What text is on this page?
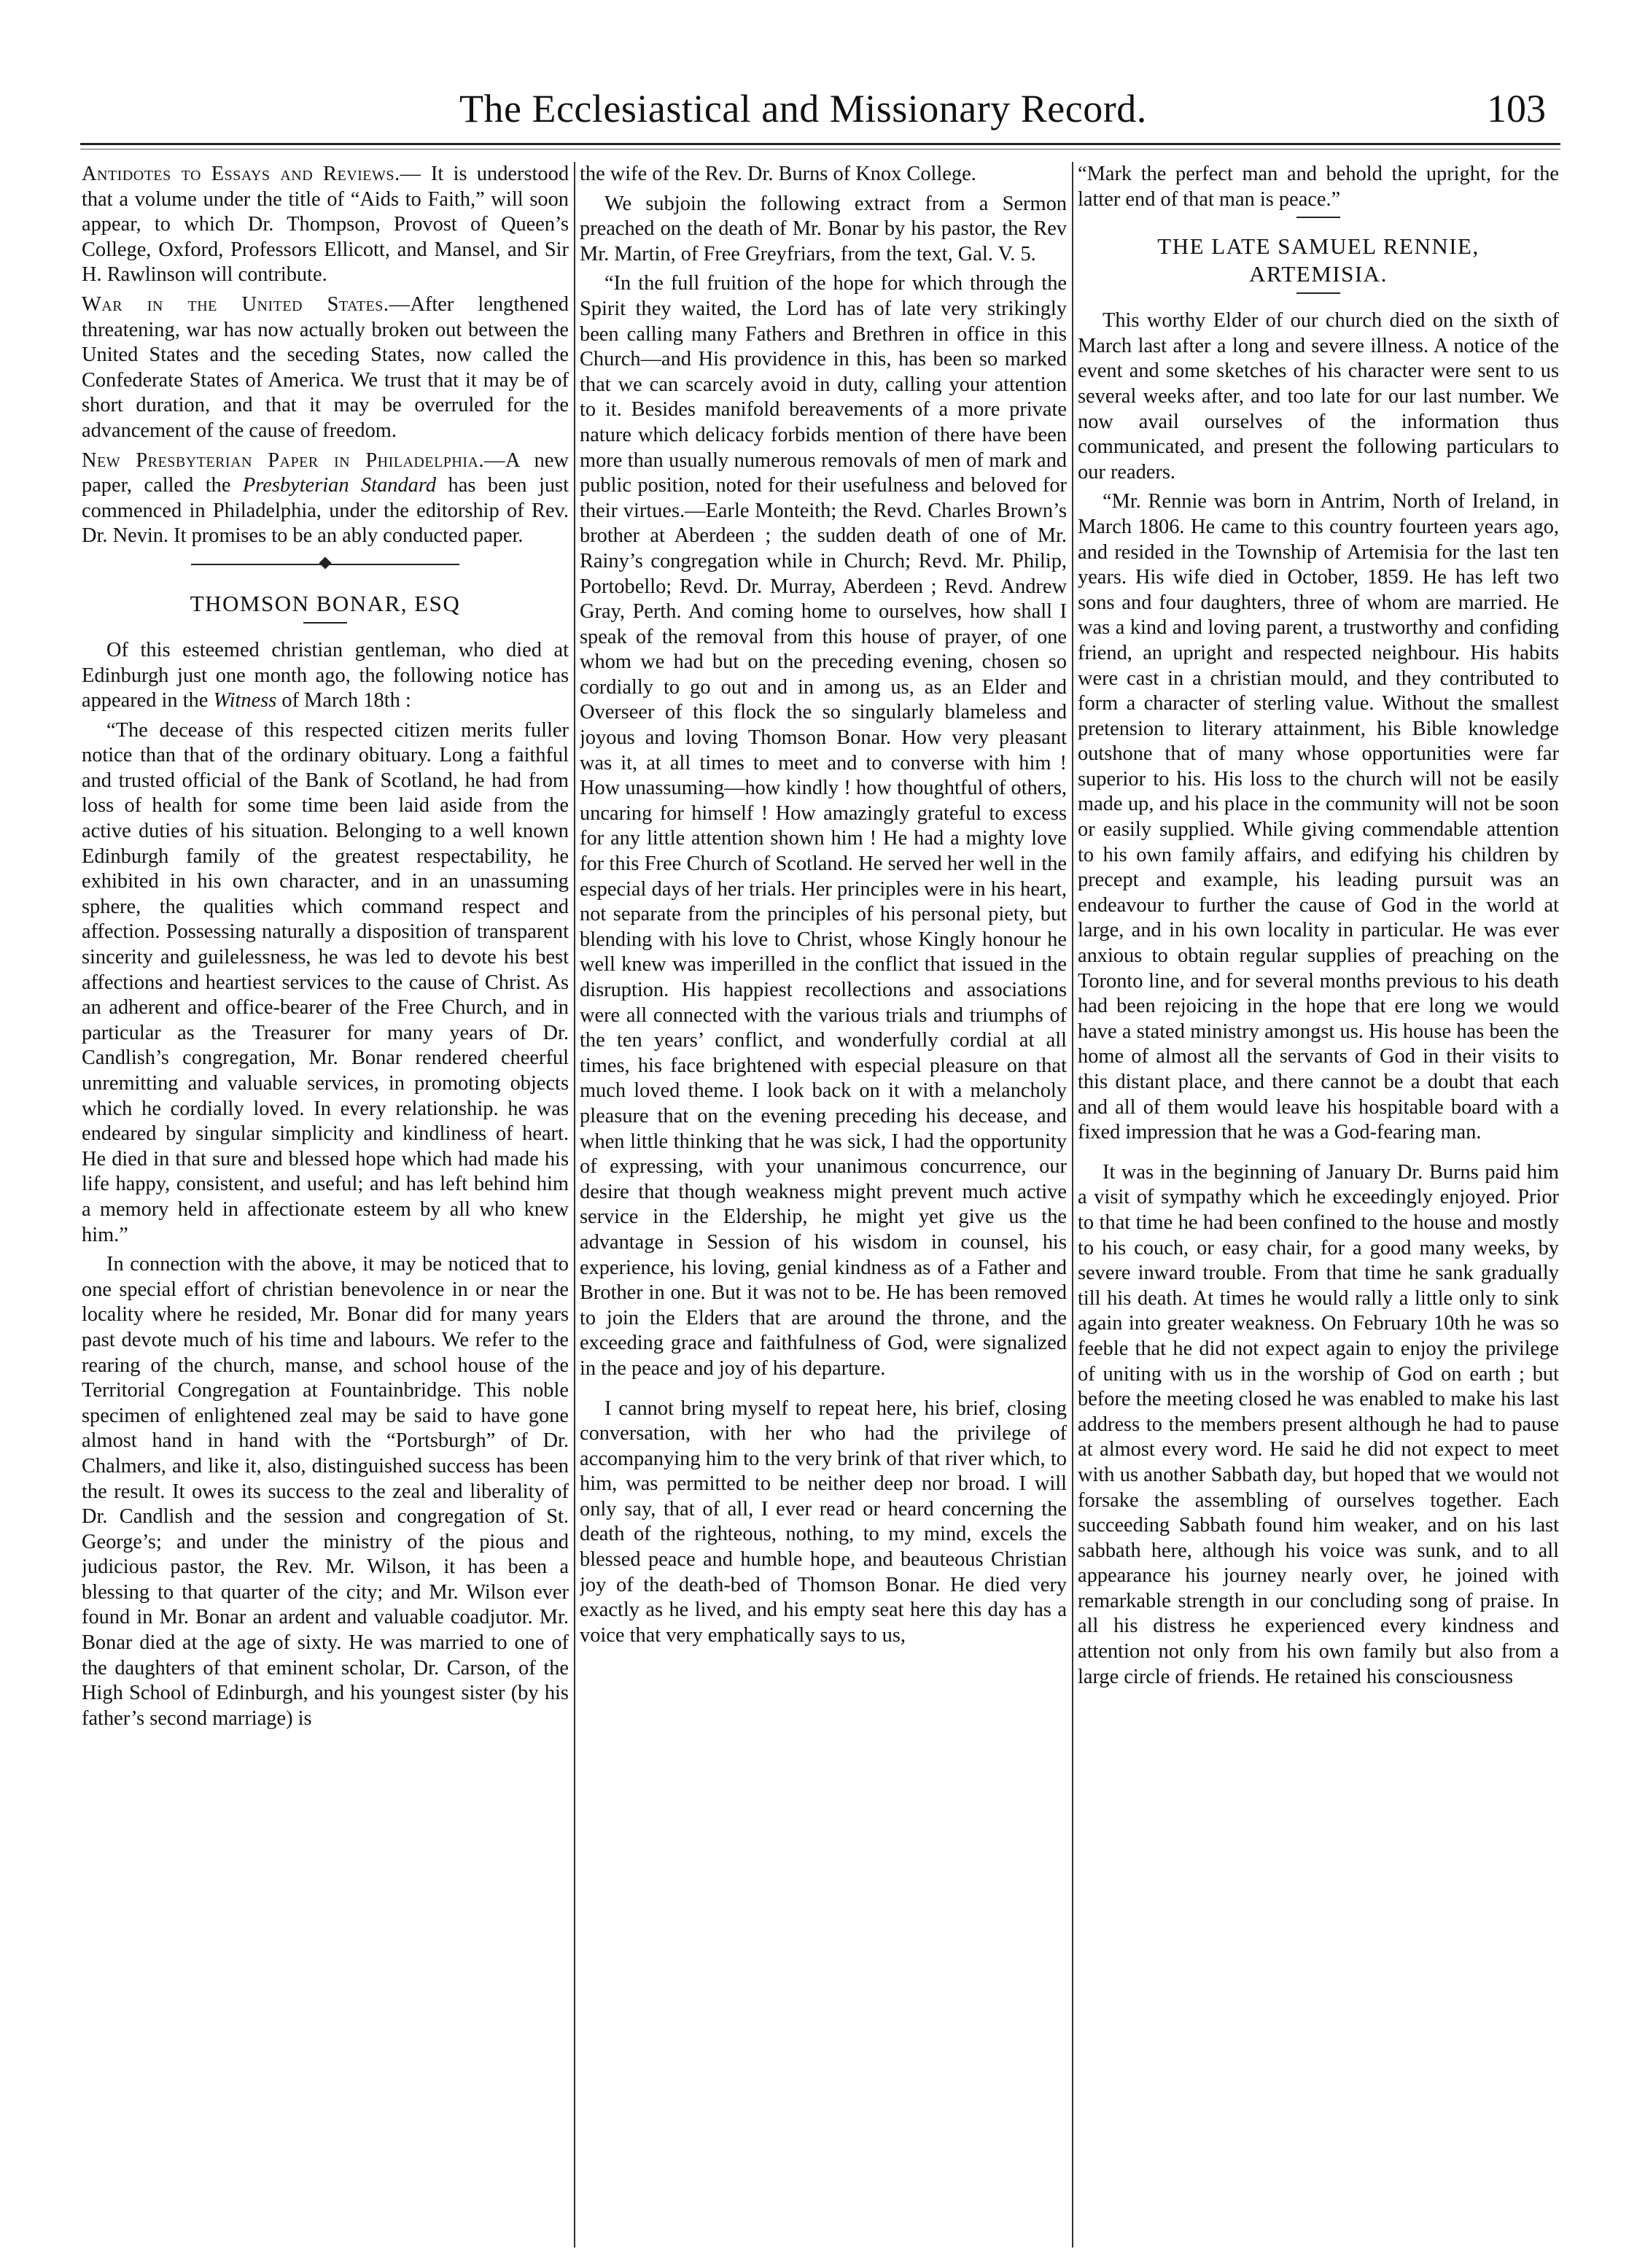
The Ecclesiastical and Missionary Record.	103

Antidotes to Essays and Reviews.— It is understood that a volume under the title of “Aids to Faith,” will soon appear, to which Dr. Thompson, Provost of Queen’s College, Oxford, Professors Ellicott, and Mansel, and Sir H. Rawlinson will contribute.

War in the United States.—After lengthened threatening, war has now actually broken out between the United States and the seceding States, now called the Confederate States of America. We trust that it may be of short duration, and that it may be overruled for the advancement of the cause of freedom.

New Presbyterian Paper in Philadelphia.—A new paper, called the Presbyterian Standard has been just commenced in Philadelphia, under the editorship of Rev. Dr. Nevin. It promises to be an ably conducted paper.

THOMSON BONAR, ESQ

Of this esteemed christian gentleman, who died at Edinburgh just one month ago, the following notice has appeared in the Witness of March 18th :

“The decease of this respected citizen merits fuller notice than that of the ordinary obituary. Long a faithful and trusted official of the Bank of Scotland, he had from loss of health for some time been laid aside from the active duties of his situation. Belonging to a well known Edinburgh family of the greatest respectability, he exhibited in his own character, and in an unassuming sphere, the qualities which command respect and affection. Possessing naturally a disposition of transparent sincerity and guilelessness, he was led to devote his best affections and heartiest services to the cause of Christ. As an adherent and office-bearer of the Free Church, and in particular as the Treasurer for many years of Dr. Candlish’s congregation, Mr. Bonar rendered cheerful unremitting and valuable services, in promoting objects which he cordially loved. In every relationship. he was endeared by singular simplicity and kindliness of heart. He died in that sure and blessed hope which had made his life happy, consistent, and useful; and has left behind him a memory held in affectionate esteem by all who knew him.”

In connection with the above, it may be noticed that to one special effort of christian benevolence in or near the locality where he resided, Mr. Bonar did for many years past devote much of his time and labours. We refer to the rearing of the church, manse, and school house of the Territorial Congregation at Fountainbridge. This noble specimen of enlightened zeal may be said to have gone almost hand in hand with the “Portsburgh” of Dr. Chalmers, and like it, also, distinguished success has been the result. It owes its success to the zeal and liberality of Dr. Candlish and the session and congregation of St. George’s; and under the ministry of the pious and judicious pastor, the Rev. Mr. Wilson, it has been a blessing to that quarter of the city; and Mr. Wilson ever found in Mr. Bonar an ardent and valuable coadjutor. Mr. Bonar died at the age of sixty. He was married to one of the daughters of that eminent scholar, Dr. Carson, of the High School of Edinburgh, and his youngest sister (by his father’s second marriage) is

the wife of the Rev. Dr. Burns of Knox College.

We subjoin the following extract from a Sermon preached on the death of Mr. Bonar by his pastor, the Rev Mr. Martin, of Free Greyfriars, from the text, Gal. V. 5.

“In the full fruition of the hope for which through the Spirit they waited, the Lord has of late very strikingly been calling many Fathers and Brethren in office in this Church—and His providence in this, has been so marked that we can scarcely avoid in duty, calling your attention to it. Besides manifold bereavements of a more private nature which delicacy forbids mention of there have been more than usually numerous removals of men of mark and public position, noted for their usefulness and beloved for their virtues.—Earle Monteith; the Revd. Charles Brown’s brother at Aberdeen ; the sudden death of one of Mr. Rainy’s congregation while in Church; Revd. Mr. Philip, Portobello; Revd. Dr. Murray, Aberdeen ; Revd. Andrew Gray, Perth. And coming home to ourselves, how shall I speak of the removal from this house of prayer, of one whom we had but on the preceding evening, chosen so cordially to go out and in among us, as an Elder and Overseer of this flock the so singularly blameless and joyous and loving Thomson Bonar. How very pleasant was it, at all times to meet and to converse with him ! How unassuming—how kindly ! how thoughtful of others, uncaring for himself ! How amazingly grateful to excess for any little attention shown him ! He had a mighty love for this Free Church of Scotland. He served her well in the especial days of her trials. Her principles were in his heart, not separate from the principles of his personal piety, but blending with his love to Christ, whose Kingly honour he well knew was imperilled in the conflict that issued in the disruption. His happiest recollections and associations were all connected with the various trials and triumphs of the ten years’ conflict, and wonderfully cordial at all times, his face brightened with especial pleasure on that much loved theme. I look back on it with a melancholy pleasure that on the evening preceding his decease, and when little thinking that he was sick, I had the opportunity of expressing, with your unanimous concurrence, our desire that though weakness might prevent much active service in the Eldership, he might yet give us the advantage in Session of his wisdom in counsel, his experience, his loving, genial kindness as of a Father and Brother in one. But it was not to be. He has been removed to join the Elders that are around the throne, and the exceeding grace and faithfulness of God, were signalized in the peace and joy of his departure.

I cannot bring myself to repeat here, his brief, closing conversation, with her who had the privilege of accompanying him to the very brink of that river which, to him, was permitted to be neither deep nor broad. I will only say, that of all, I ever read or heard concerning the death of the righteous, nothing, to my mind, excels the blessed peace and humble hope, and beauteous Christian joy of the death-bed of Thomson Bonar. He died very exactly as he lived, and his empty seat here this day has a voice that very emphatically says to us,

“Mark the perfect man and behold the upright, for the latter end of that man is peace.”

THE LATE SAMUEL RENNIE,
ARTEMISIA.

This worthy Elder of our church died on the sixth of March last after a long and severe illness. A notice of the event and some sketches of his character were sent to us several weeks after, and too late for our last number. We now avail ourselves of the information thus communicated, and present the following particulars to our readers.

“Mr. Rennie was born in Antrim, North of Ireland, in March 1806. He came to this country fourteen years ago, and resided in the Township of Artemisia for the last ten years. His wife died in October, 1859. He has left two sons and four daughters, three of whom are married. He was a kind and loving parent, a trustworthy and confiding friend, an upright and respected neighbour. His habits were cast in a christian mould, and they contributed to form a character of sterling value. Without the smallest pretension to literary attainment, his Bible knowledge outshone that of many whose opportunities were far superior to his. His loss to the church will not be easily made up, and his place in the community will not be soon or easily supplied. While giving commendable attention to his own family affairs, and edifying his children by precept and example, his leading pursuit was an endeavour to further the cause of God in the world at large, and in his own locality in particular. He was ever anxious to obtain regular supplies of preaching on the Toronto line, and for several months previous to his death had been rejoicing in the hope that ere long we would have a stated ministry amongst us. His house has been the home of almost all the servants of God in their visits to this distant place, and there cannot be a doubt that each and all of them would leave his hospitable board with a fixed impression that he was a God-fearing man.

It was in the beginning of January Dr. Burns paid him a visit of sympathy which he exceedingly enjoyed. Prior to that time he had been confined to the house and mostly to his couch, or easy chair, for a good many weeks, by severe inward trouble. From that time he sank gradually till his death. At times he would rally a little only to sink again into greater weakness. On February 10th he was so feeble that he did not expect again to enjoy the privilege of uniting with us in the worship of God on earth ; but before the meeting closed he was enabled to make his last address to the members present although he had to pause at almost every word. He said he did not expect to meet with us another Sabbath day, but hoped that we would not forsake the assembling of ourselves together. Each succeeding Sabbath found him weaker, and on his last sabbath here, although his voice was sunk, and to all appearance his journey nearly over, he joined with remarkable strength in our concluding song of praise. In all his distress he experienced every kindness and attention not only from his own family but also from a large circle of friends. He retained his consciousness
